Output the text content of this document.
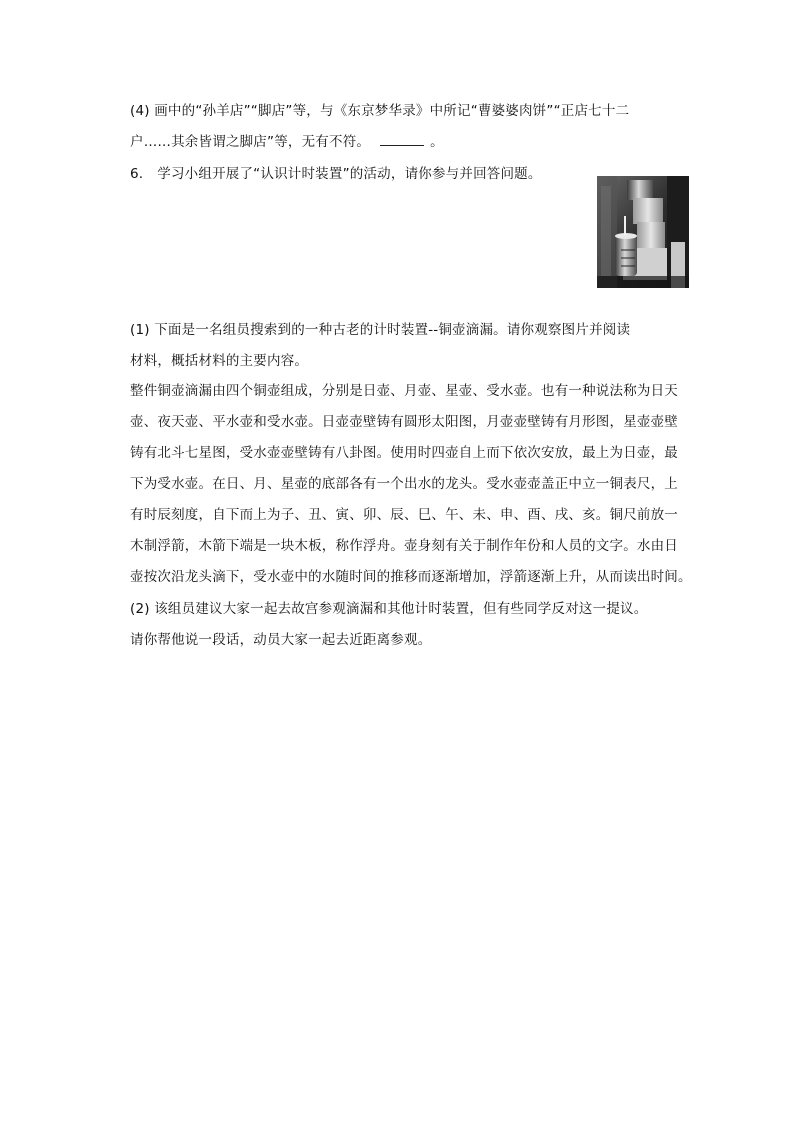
(4) 画中的“孙羊店”“脚店”等，与《东京梦华录》中所记“曹婆婆肉饼”“正店七十二
户……其余皆谓之脚店”等，无有不符。	。
6. 学习小组开展了“认识计时装置”的活动，请你参与并回答问题。
(1) 下面是一名组员搜索到的一种古老的计时装置--铜壶滴漏。请你观察图片并阅读
材料，概括材料的主要内容。
整件铜壶滴漏由四个铜壶组成，分别是日壶、月壶、星壶、受水壶。也有一种说法称为日天
壶、夜天壶、平水壶和受水壶。日壶壶壁铸有圆形太阳图，月壶壶壁铸有月形图，星壶壶壁
铸有北斗七星图，受水壶壶壁铸有八卦图。使用时四壶自上而下依次安放，最上为日壶，最
下为受水壶。在日、月、星壶的底部各有一个出水的龙头。受水壶壶盖正中立一铜表尺，上
有时辰刻度，自下而上为子、丑、寅、卯、辰、巳、午、未、申、酉、戌、亥。铜尺前放一
木制浮箭，木箭下端是一块木板，称作浮舟。壶身刻有关于制作年份和人员的文字。水由日
壶按次沿龙头滴下，受水壶中的水随时间的推移而逐渐增加，浮箭逐渐上升，从而读出时间。
(2) 该组员建议大家一起去故宫参观滴漏和其他计时装置，但有些同学反对这一提议。
请你帮他说一段话，动员大家一起去近距离参观。
